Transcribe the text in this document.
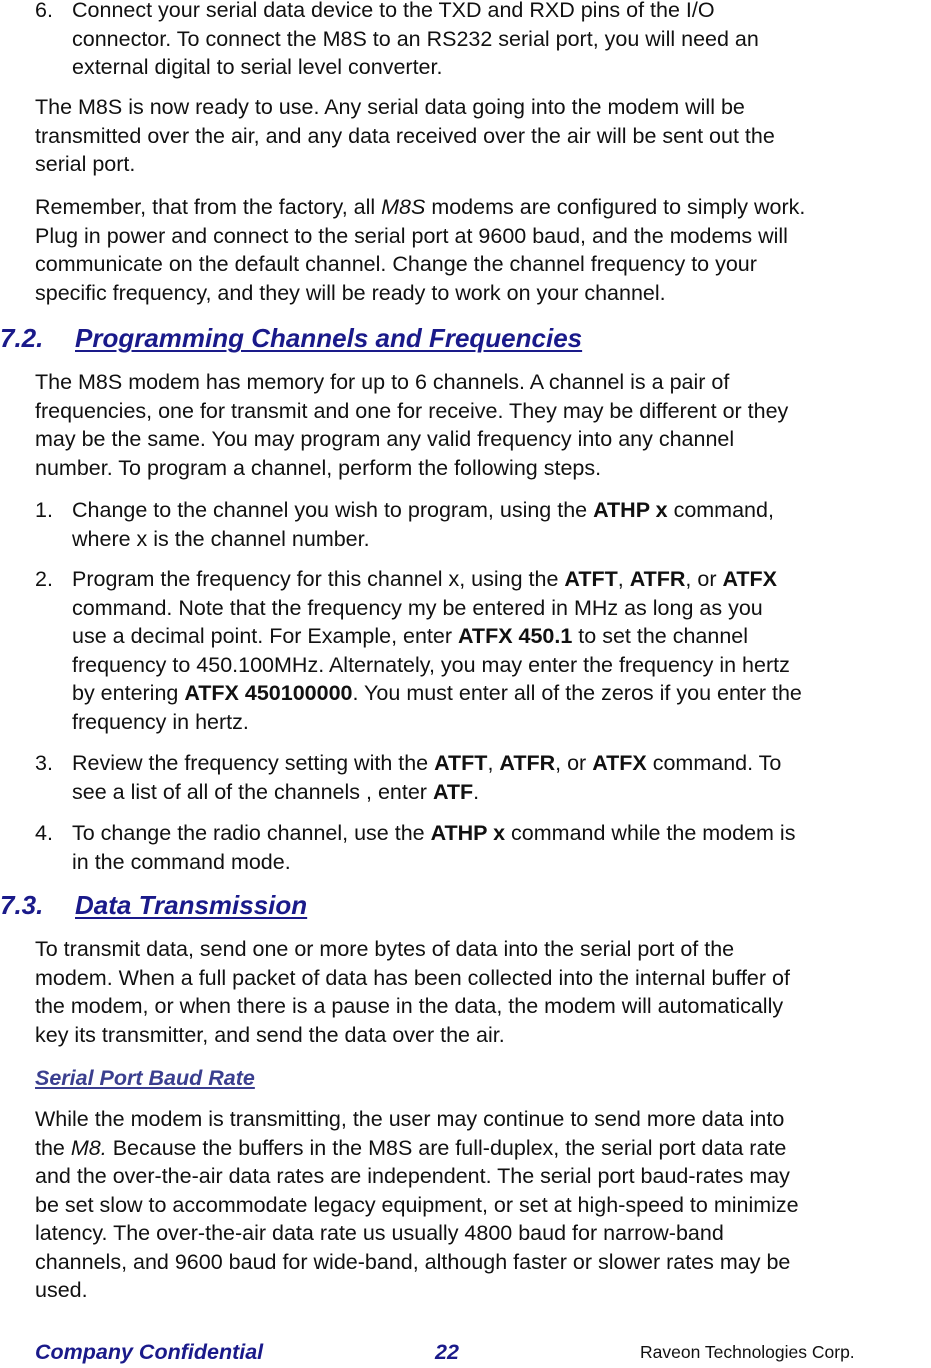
6. Connect your serial data device to the TXD and RXD pins of the I/O
connector. To connect the M8S to an RS232 serial port, you will need an
external digital to serial level converter.
The M8S is now ready to use. Any serial data going into the modem will be
transmitted over the air, and any data received over the air will be sent out the
serial port.
Remember, that from the factory, all M8S modems are configured to simply work.
Plug in power and connect to the serial port at 9600 baud, and the modems will
communicate on the default channel. Change the channel frequency to your
specific frequency, and they will be ready to work on your channel.
7.2. Programming Channels and Frequencies
The M8S modem has memory for up to 6 channels. A channel is a pair of
frequencies, one for transmit and one for receive. They may be different or they
may be the same. You may program any valid frequency into any channel
number. To program a channel, perform the following steps.
1. Change to the channel you wish to program, using the ATHP x command,
where x is the channel number.
2. Program the frequency for this channel x, using the ATFT, ATFR, or ATFX
command. Note that the frequency my be entered in MHz as long as you
use a decimal point. For Example, enter ATFX 450.1 to set the channel
frequency to 450.100MHz. Alternately, you may enter the frequency in hertz
by entering ATFX 450100000. You must enter all of the zeros if you enter the
frequency in hertz.
3. Review the frequency setting with the ATFT, ATFR, or ATFX command. To
see a list of all of the channels , enter ATF.
4. To change the radio channel, use the ATHP x command while the modem is
in the command mode.
7.3. Data Transmission
To transmit data, send one or more bytes of data into the serial port of the
modem. When a full packet of data has been collected into the internal buffer of
the modem, or when there is a pause in the data, the modem will automatically
key its transmitter, and send the data over the air.
Serial Port Baud Rate
While the modem is transmitting, the user may continue to send more data into
the M8. Because the buffers in the M8S are full-duplex, the serial port data rate
and the over-the-air data rates are independent. The serial port baud-rates may
be set slow to accommodate legacy equipment, or set at high-speed to minimize
latency. The over-the-air data rate us usually 4800 baud for narrow-band
channels, and 9600 baud for wide-band, although faster or slower rates may be
used.
Company Confidential	22	Raveon Technologies Corp.
